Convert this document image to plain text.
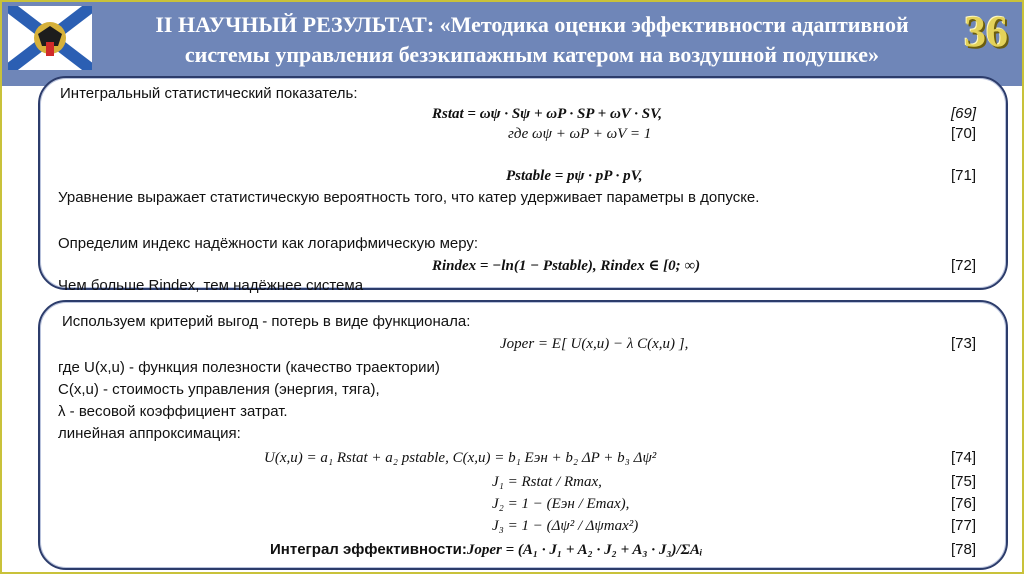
II НАУЧНЫЙ РЕЗУЛЬТАТ: «Методика оценки эффективности адаптивной
системы управления безэкипажным катером на воздушной подушке»	36
Интегральный статистический показатель:
Rstat = ωψ · Sψ + ωP · SP + ωV · SV,	[69]
где ωψ + ωP + ωV = 1	[70]
Pstable = pψ · pP · pV,	[71]
Уравнение выражает статистическую вероятность того, что катер удерживает параметры в допуске.
Определим индекс надёжности как логарифмическую меру:
Rindex = −ln(1 − Pstable), Rindex ∈ [0; ∞)	[72]
Чем больше Rindex, тем надёжнее система
Используем критерий выгод - потерь в виде функционала:
Joper = E[ U(x,u) − λ C(x,u) ],	[73]
где U(x,u) - функция полезности (качество траектории)
C(x,u) - стоимость управления (энергия, тяга),
λ - весовой коэффициент затрат.
линейная аппроксимация:
U(x,u) = a₁ Rstat + a₂ pstable, C(x,u) = b₁ Eэн + b₂ ΔP + b₃ Δψ²	[74]
J₁ = Rstat / Rmax,	[75]
J₂ = 1 − (Eэн / Emax),	[76]
J₃ = 1 − (Δψ² / Δψmax²)	[77]
Интеграл эффективности:Joper = (A₁ · J₁ + A₂ · J₂ + A₃ · J₃)/ΣAᵢ	[78]
